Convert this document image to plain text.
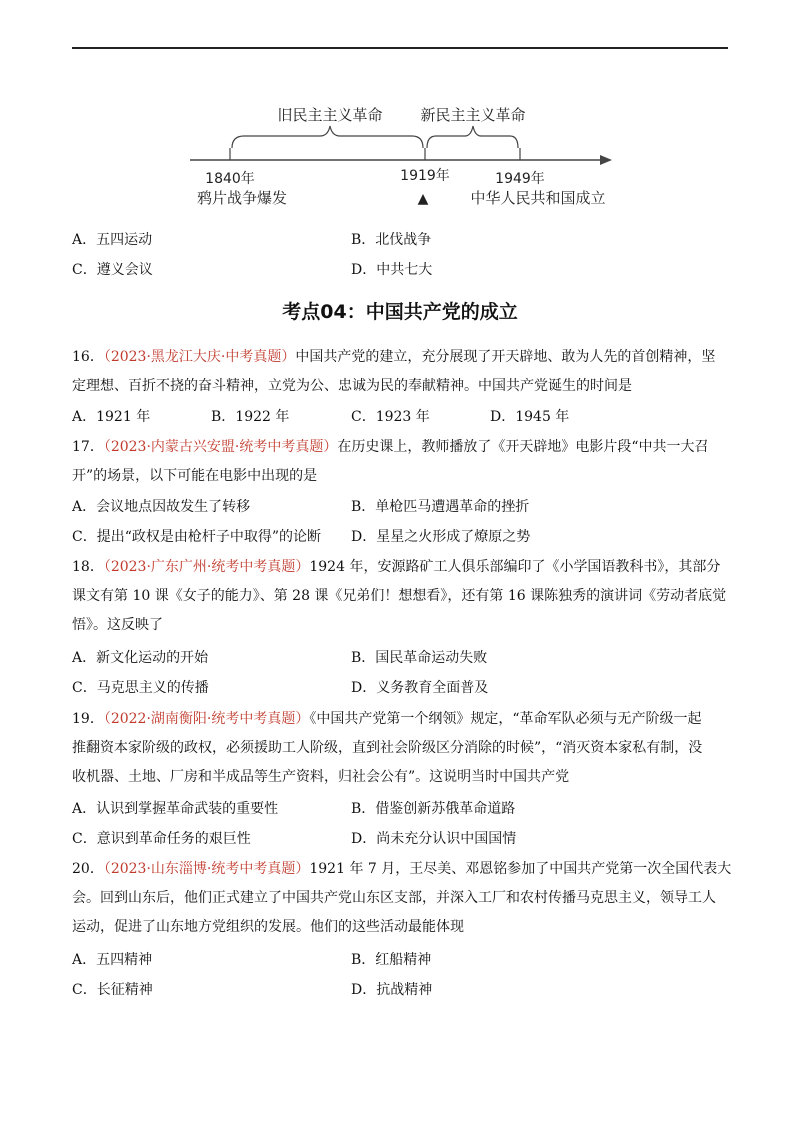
旧民主主义革命	新民主主义革命
1840年
鸦片战争爆发
1919年
▲
1949年
中华人民共和国成立
A．五四运动	B．北伐战争
C．遵义会议	D．中共七大
考点04：中国共产党的成立
16．（2023·黑龙江大庆·中考真题）中国共产党的建立，充分展现了开天辟地、敢为人先的首创精神，坚
定理想、百折不挠的奋斗精神，立党为公、忠诚为民的奉献精神。中国共产党诞生的时间是
A．1921 年	B．1922 年	C．1923 年	D．1945 年
17．（2023·内蒙古兴安盟·统考中考真题）在历史课上，教师播放了《开天辟地》电影片段“中共一大召
开”的场景，以下可能在电影中出现的是
A．会议地点因故发生了转移	B．单枪匹马遭遇革命的挫折
C．提出“政权是由枪杆子中取得”的论断 D．星星之火形成了燎原之势
18．（2023·广东广州·统考中考真题）1924 年，安源路矿工人俱乐部编印了《小学国语教科书》，其部分
课文有第 10 课《女子的能力》、第 28 课《兄弟们！想想看》，还有第 16 课陈独秀的演讲词《劳动者底觉
悟》。这反映了
A．新文化运动的开始	B．国民革命运动失败
C．马克思主义的传播	D．义务教育全面普及
19．（2022·湖南衡阳·统考中考真题）《中国共产党第一个纲领》规定，“革命军队必须与无产阶级一起
推翻资本家阶级的政权，必须援助工人阶级，直到社会阶级区分消除的时候”，“消灭资本家私有制，没
收机器、土地、厂房和半成品等生产资料，归社会公有”。这说明当时中国共产党
A．认识到掌握革命武装的重要性	B．借鉴创新苏俄革命道路
C．意识到革命任务的艰巨性	D．尚未充分认识中国国情
20．（2023·山东淄博·统考中考真题）1921 年 7 月，王尽美、邓恩铭参加了中国共产党第一次全国代表大
会。回到山东后，他们正式建立了中国共产党山东区支部，并深入工厂和农村传播马克思主义，领导工人
运动，促进了山东地方党组织的发展。他们的这些活动最能体现
A．五四精神	B．红船精神
C．长征精神	D．抗战精神
